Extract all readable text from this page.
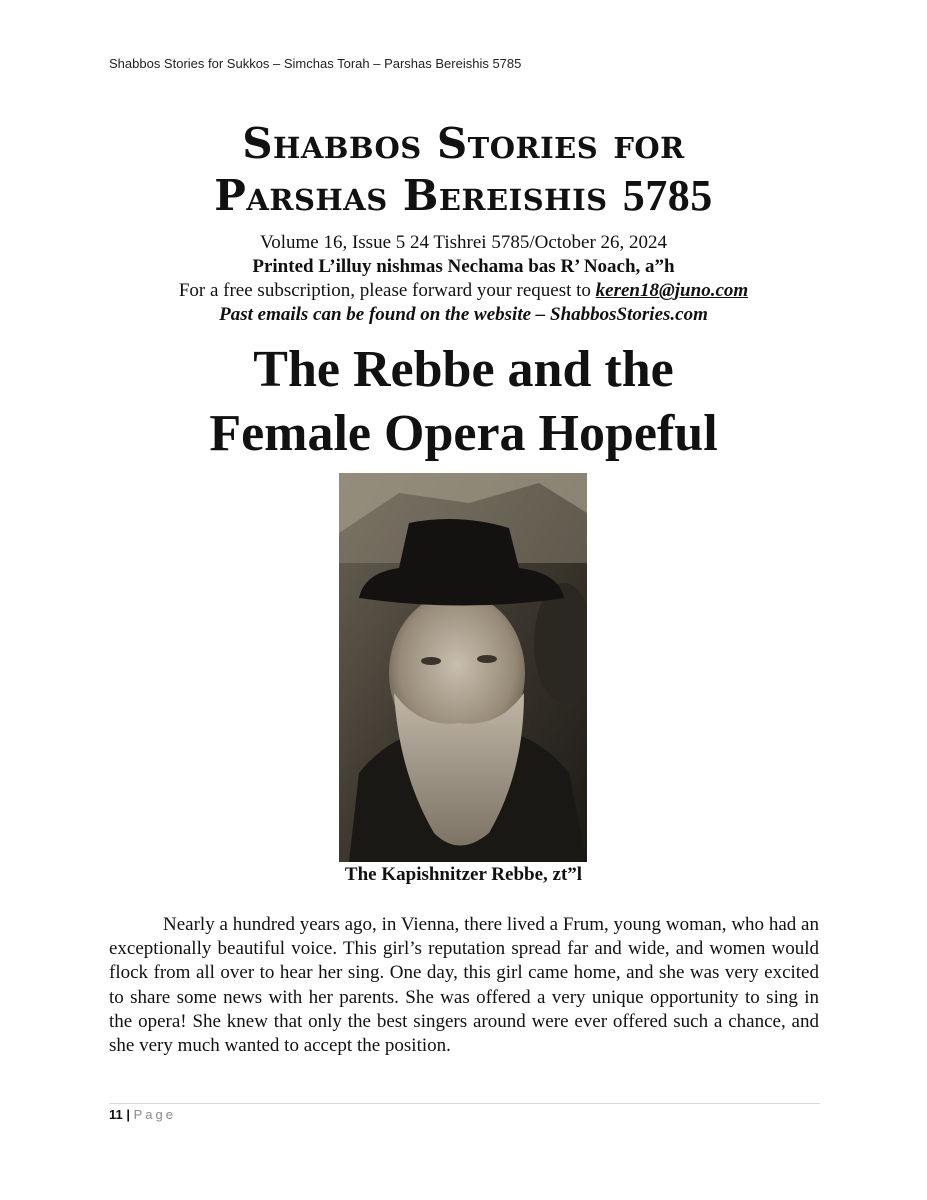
Shabbos Stories for Sukkos – Simchas Torah – Parshas Bereishis 5785
Shabbos Stories for
Parshas Bereishis 5785
Volume 16, Issue 5 24 Tishrei 5785/October 26, 2024
Printed L’illuy nishmas Nechama bas R’ Noach, a”h
For a free subscription, please forward your request to keren18@juno.com
Past emails can be found on the website – ShabbosStories.com
The Rebbe and the
Female Opera Hopeful
The Kapishnitzer Rebbe, zt”l

Nearly a hundred years ago, in Vienna, there lived a Frum, young woman, who had an exceptionally beautiful voice. This girl’s reputation spread far and wide, and women would flock from all over to hear her sing. One day, this girl came home, and she was very excited to share some news with her parents. She was offered a very unique opportunity to sing in the opera! She knew that only the best singers around were ever offered such a chance, and she very much wanted to accept the position.

11 | Page
